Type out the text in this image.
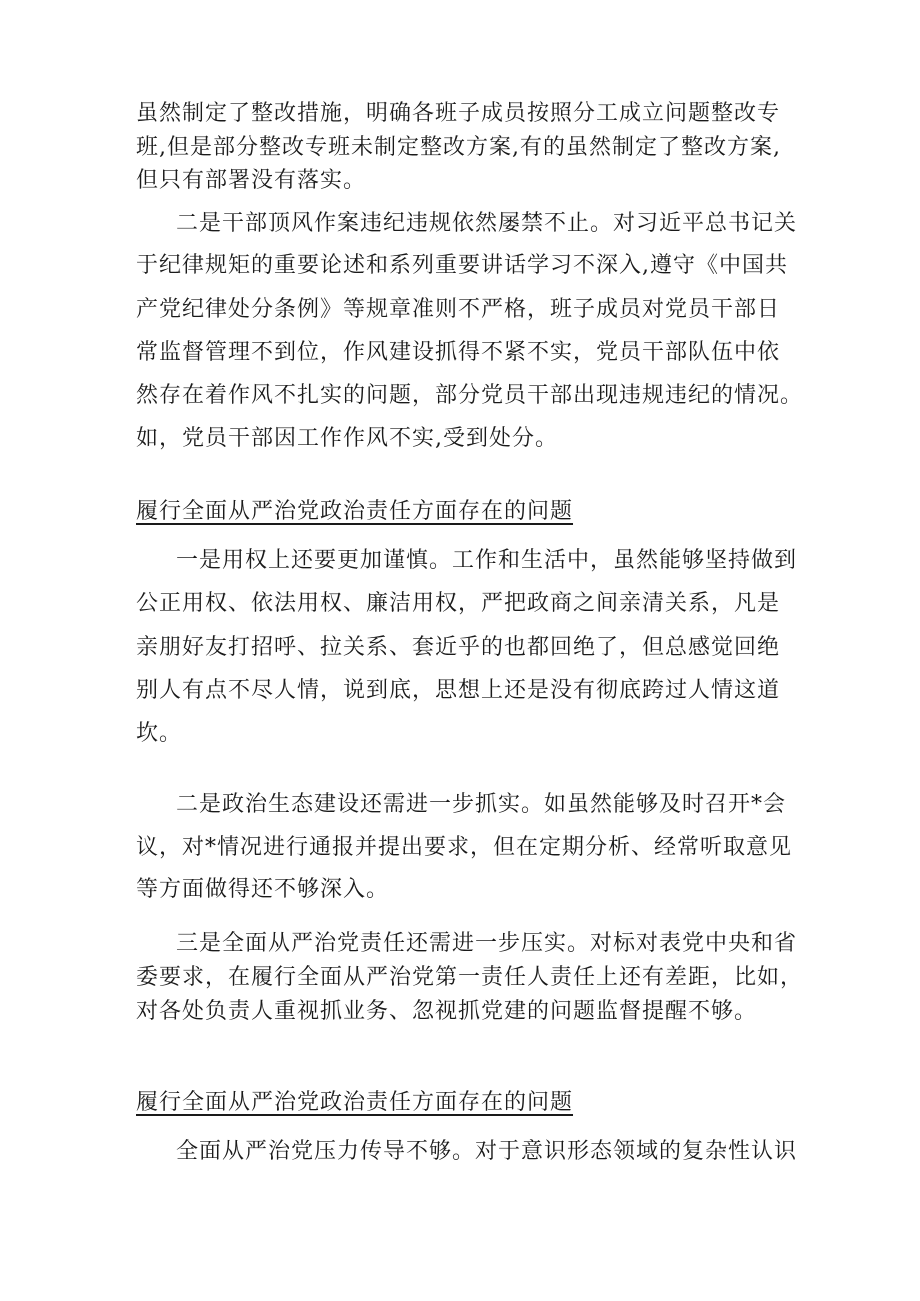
虽然制定了整改措施，明确各班子成员按照分工成立问题整改专
班,但是部分整改专班未制定整改方案,有的虽然制定了整改方案,
但只有部署没有落实。
二是干部顶风作案违纪违规依然屡禁不止。对习近平总书记关
于纪律规矩的重要论述和系列重要讲话学习不深入,遵守《中国共
产党纪律处分条例》等规章准则不严格，班子成员对党员干部日
常监督管理不到位，作风建设抓得不紧不实，党员干部队伍中依
然存在着作风不扎实的问题，部分党员干部出现违规违纪的情况。
如，党员干部因工作作风不实,受到处分。
履行全面从严治党政治责任方面存在的问题
一是用权上还要更加谨慎。工作和生活中，虽然能够坚持做到
公正用权、依法用权、廉洁用权，严把政商之间亲清关系，凡是
亲朋好友打招呼、拉关系、套近乎的也都回绝了，但总感觉回绝
别人有点不尽人情，说到底，思想上还是没有彻底跨过人情这道
坎。
二是政治生态建设还需进一步抓实。如虽然能够及时召开*会
议，对*情况进行通报并提出要求，但在定期分析、经常听取意见
等方面做得还不够深入。
三是全面从严治党责任还需进一步压实。对标对表党中央和省
委要求，在履行全面从严治党第一责任人责任上还有差距，比如，
对各处负责人重视抓业务、忽视抓党建的问题监督提醒不够。
履行全面从严治党政治责任方面存在的问题
全面从严治党压力传导不够。对于意识形态领域的复杂性认识
